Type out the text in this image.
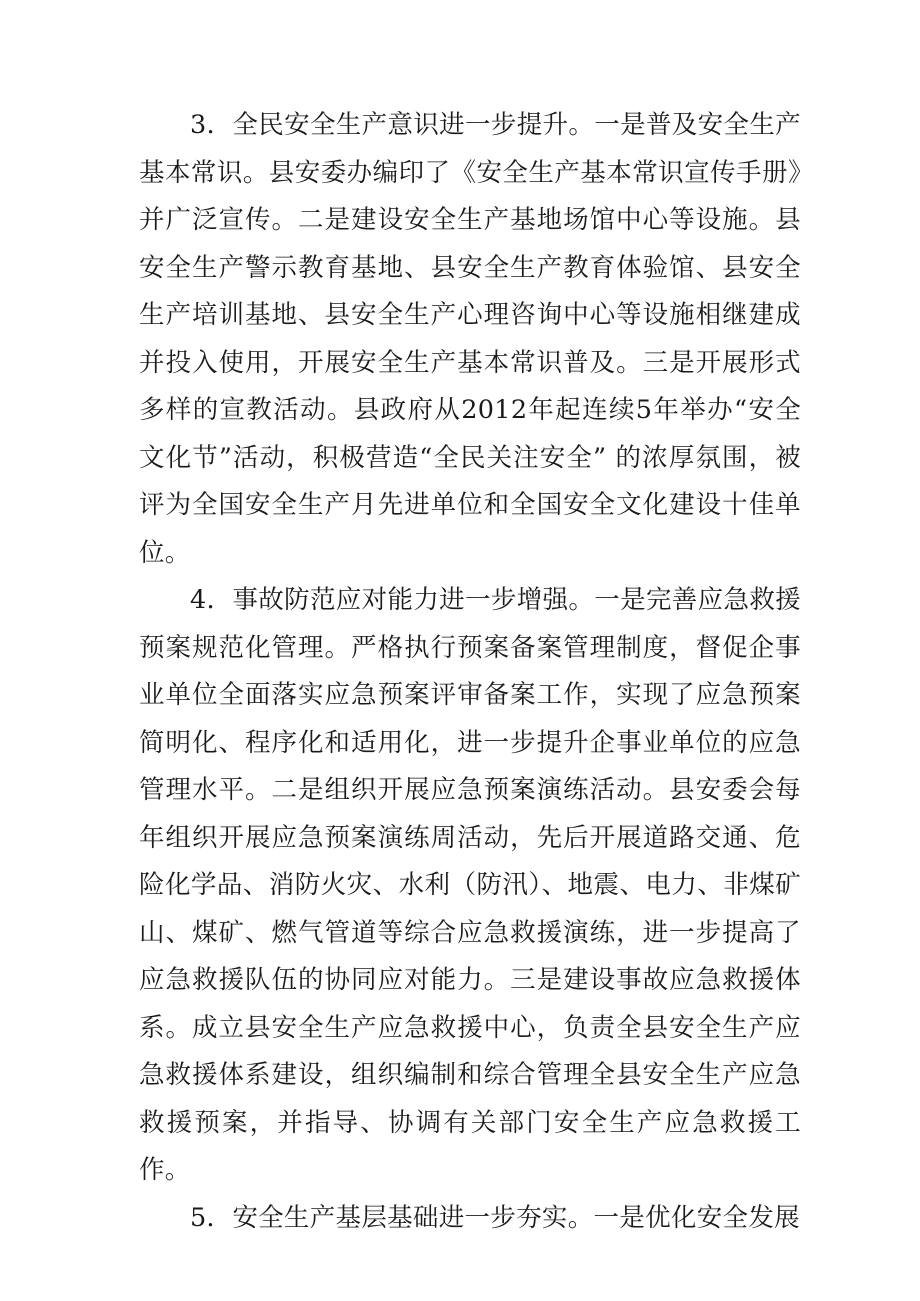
3．全民安全生产意识进一步提升。一是普及安全生产基本常识。县安委办编印了《安全生产基本常识宣传手册》并广泛宣传。二是建设安全生产基地场馆中心等设施。县安全生产警示教育基地、县安全生产教育体验馆、县安全生产培训基地、县安全生产心理咨询中心等设施相继建成并投入使用，开展安全生产基本常识普及。三是开展形式多样的宣教活动。县政府从2012年起连续5年举办“安全文化节”活动，积极营造“全民关注安全” 的浓厚氛围，被评为全国安全生产月先进单位和全国安全文化建设十佳单位。

4．事故防范应对能力进一步增强。一是完善应急救援预案规范化管理。严格执行预案备案管理制度，督促企事业单位全面落实应急预案评审备案工作，实现了应急预案简明化、程序化和适用化，进一步提升企事业单位的应急管理水平。二是组织开展应急预案演练活动。县安委会每年组织开展应急预案演练周活动，先后开展道路交通、危险化学品、消防火灾、水利（防汛）、地震、电力、非煤矿山、煤矿、燃气管道等综合应急救援演练，进一步提高了应急救援队伍的协同应对能力。三是建设事故应急救援体系。成立县安全生产应急救援中心，负责全县安全生产应急救援体系建设，组织编制和综合管理全县安全生产应急救援预案，并指导、协调有关部门安全生产应急救援工作。

5．安全生产基层基础进一步夯实。一是优化安全发展
